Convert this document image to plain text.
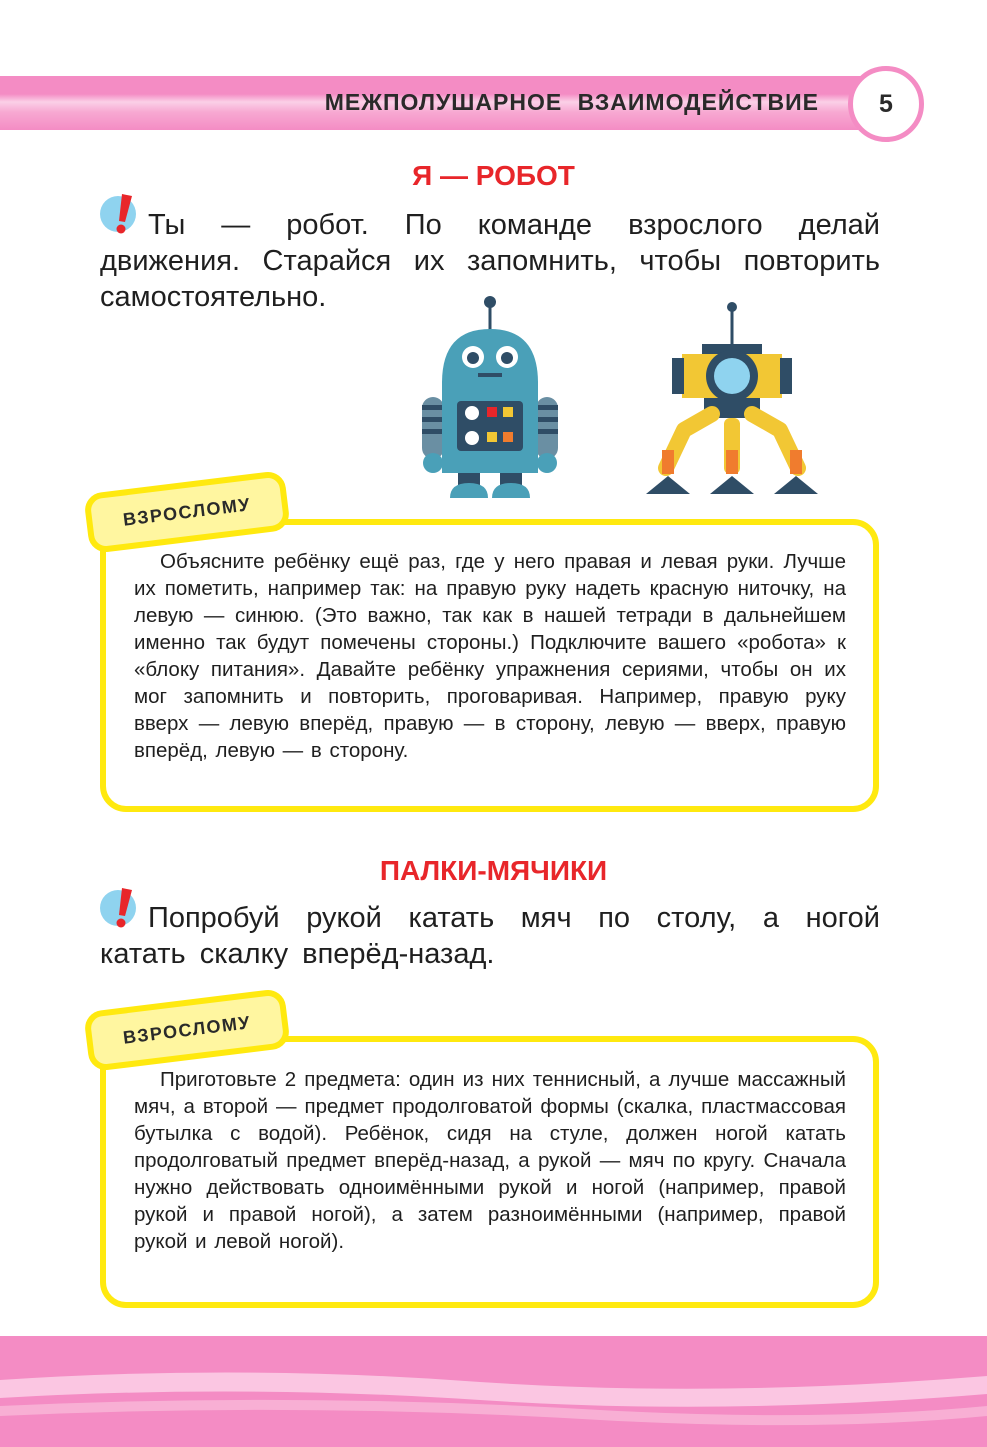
МЕЖПОЛУШАРНОЕ ВЗАИМОДЕЙСТВИЕ 5
Я — РОБОТ
Ты — робот. По команде взрослого делай движения. Старайся их запомнить, чтобы повторить самостоятельно.
ВЗРОСЛОМУ
Объясните ребёнку ещё раз, где у него правая и левая руки. Лучше их пометить, например так: на правую руку надеть красную ниточку, на левую — синюю. (Это важно, так как в нашей тетради в дальнейшем именно так будут помечены стороны.) Подключите вашего «робота» к «блоку питания». Давайте ребёнку упражнения сериями, чтобы он их мог запомнить и повторить, проговаривая. Например, правую руку вверх — левую вперёд, правую — в сторону, левую — вверх, правую вперёд, левую — в сторону.
ПАЛКИ-МЯЧИКИ
Попробуй рукой катать мяч по столу, а ногой катать скалку вперёд-назад.
ВЗРОСЛОМУ
Приготовьте 2 предмета: один из них теннисный, а лучше массажный мяч, а второй — предмет продолговатой формы (скалка, пластмассовая бутылка с водой). Ребёнок, сидя на стуле, должен ногой катать продолговатый предмет вперёд-назад, а рукой — мяч по кругу. Сначала нужно действовать одноимёнными рукой и ногой (например, правой рукой и правой ногой), а затем разноимёнными (например, правой рукой и левой ногой).
